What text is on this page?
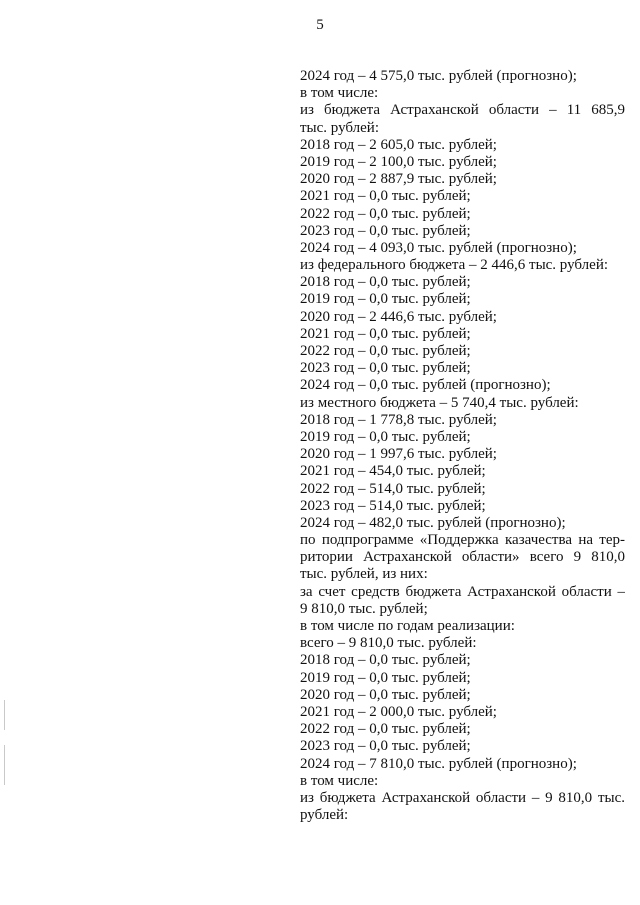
5
2024 год – 4 575,0 тыс. рублей (прогнозно);
в том числе:
из бюджета Астраханской области – 11 685,9
тыс. рублей:
2018 год – 2 605,0 тыс. рублей;
2019 год – 2 100,0 тыс. рублей;
2020 год – 2 887,9 тыс. рублей;
2021 год – 0,0 тыс. рублей;
2022 год – 0,0 тыс. рублей;
2023 год – 0,0 тыс. рублей;
2024 год – 4 093,0 тыс. рублей (прогнозно);
из федерального бюджета – 2 446,6 тыс. рублей:
2018 год – 0,0 тыс. рублей;
2019 год – 0,0 тыс. рублей;
2020 год – 2 446,6 тыс. рублей;
2021 год – 0,0 тыс. рублей;
2022 год – 0,0 тыс. рублей;
2023 год – 0,0 тыс. рублей;
2024 год – 0,0 тыс. рублей (прогнозно);
из местного бюджета – 5 740,4 тыс. рублей:
2018 год – 1 778,8 тыс. рублей;
2019 год – 0,0 тыс. рублей;
2020 год – 1 997,6 тыс. рублей;
2021 год – 454,0 тыс. рублей;
2022 год – 514,0 тыс. рублей;
2023 год – 514,0 тыс. рублей;
2024 год – 482,0 тыс. рублей (прогнозно);
по подпрограмме «Поддержка казачества на тер-
ритории Астраханской области» всего 9 810,0
тыс. рублей, из них:
за счет средств бюджета Астраханской области –
9 810,0 тыс. рублей;
в том числе по годам реализации:
всего – 9 810,0 тыс. рублей:
2018 год – 0,0 тыс. рублей;
2019 год – 0,0 тыс. рублей;
2020 год – 0,0 тыс. рублей;
2021 год – 2 000,0 тыс. рублей;
2022 год – 0,0 тыс. рублей;
2023 год – 0,0 тыс. рублей;
2024 год – 7 810,0 тыс. рублей (прогнозно);
в том числе:
из бюджета Астраханской области – 9 810,0 тыс.
рублей:
